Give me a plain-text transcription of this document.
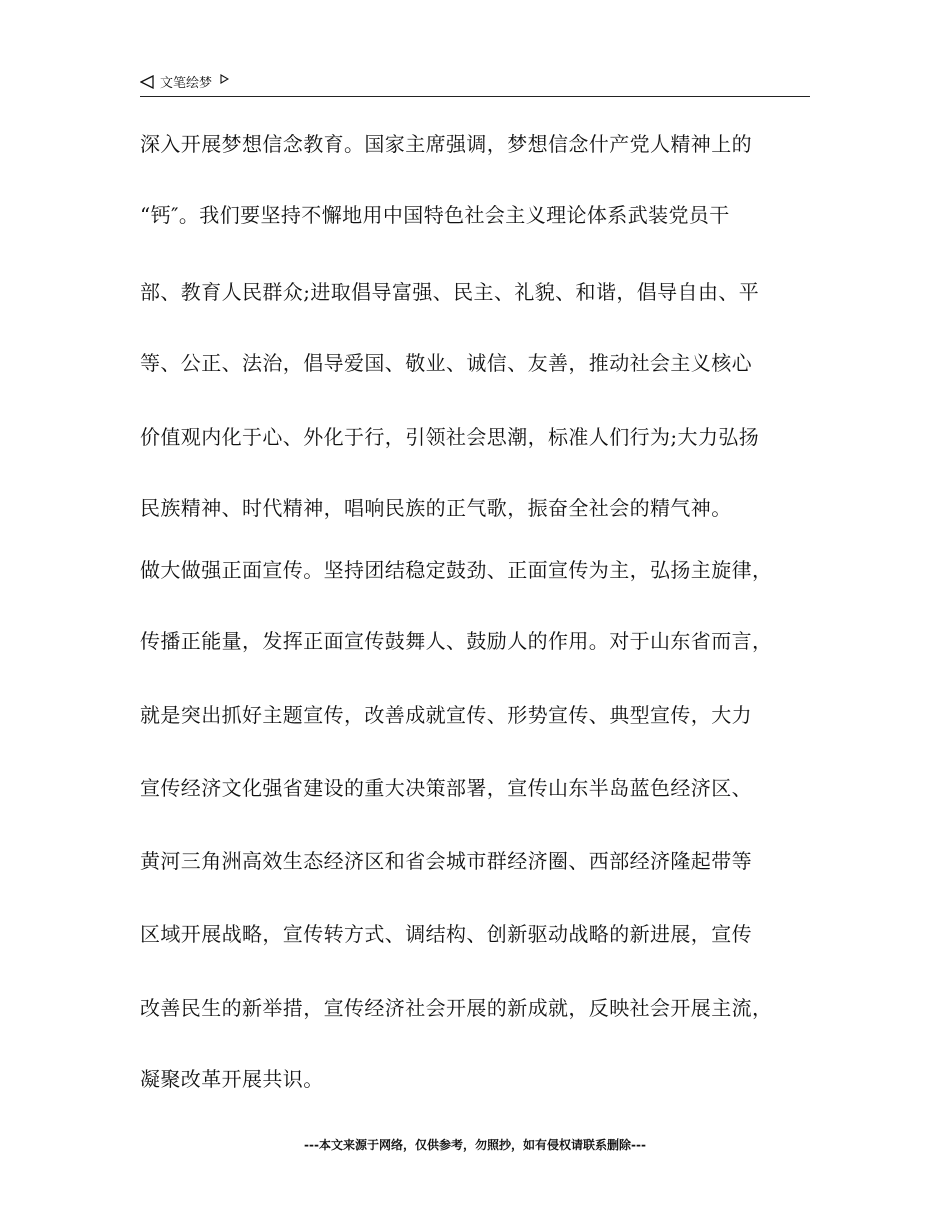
文笔绘梦
深入开展梦想信念教育。国家主席强调，梦想信念什产党人精神上的
“钙″。我们要坚持不懈地用中国特色社会主义理论体系武装党员干
部、教育人民群众;进取倡导富强、民主、礼貌、和谐，倡导自由、平
等、公正、法治，倡导爱国、敬业、诚信、友善，推动社会主义核心
价值观内化于心、外化于行，引领社会思潮，标准人们行为;大力弘扬
民族精神、时代精神，唱响民族的正气歌，振奋全社会的精气神。
做大做强正面宣传。坚持团结稳定鼓劲、正面宣传为主，弘扬主旋律，
传播正能量，发挥正面宣传鼓舞人、鼓励人的作用。对于山东省而言，
就是突出抓好主题宣传，改善成就宣传、形势宣传、典型宣传，大力
宣传经济文化强省建设的重大决策部署，宣传山东半岛蓝色经济区、
黄河三角洲高效生态经济区和省会城市群经济圈、西部经济隆起带等
区域开展战略，宣传转方式、调结构、创新驱动战略的新进展，宣传
改善民生的新举措，宣传经济社会开展的新成就，反映社会开展主流，
凝聚改革开展共识。
---本文来源于网络，仅供参考，勿照抄，如有侵权请联系删除---
